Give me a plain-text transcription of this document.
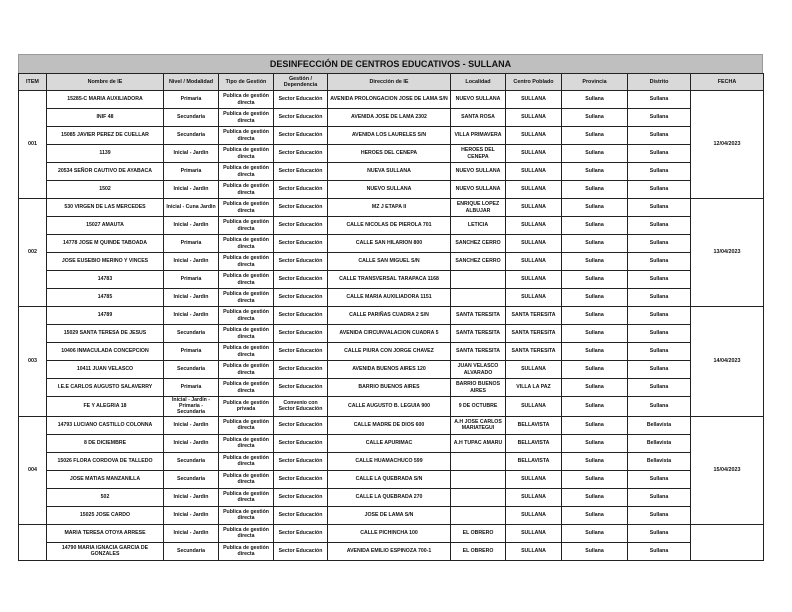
DESINFECCIÓN DE CENTROS EDUCATIVOS - SULLANA
ITEM	Nombre de IE	Nivel / Modalidad	Tipo de Gestión	Gestión / Dependencia	Dirección de IE	Localidad	Centro Poblado	Provincia	Distrito	FECHA
001	15285-C MARIA AUXILIADORA	Primaria	Publica de gestión directa	Sector Educación	AVENIDA PROLONGACION JOSE DE LAMA S/N	NUEVO SULLANA	SULLANA	Sullana	Sullana	12/04/2023
	INIF 48	Secundaria	Publica de gestión directa	Sector Educación	AVENIDA JOSE DE LAMA 2302	SANTA ROSA	SULLANA	Sullana	Sullana	
	15085 JAVIER PEREZ DE CUELLAR	Secundaria	Publica de gestión directa	Sector Educación	AVENIDA LOS LAURELES S/N	VILLA PRIMAVERA	SULLANA	Sullana	Sullana	
	1139	Inicial - Jardin	Publica de gestión directa	Sector Educación	HEROES DEL CENEPA	HEROES DEL CENEPA	SULLANA	Sullana	Sullana	
	20534 SEÑOR CAUTIVO DE AYABACA	Primaria	Publica de gestión directa	Sector Educación	NUEVA SULLANA	NUEVO SULLANA	SULLANA	Sullana	Sullana	
	1502	Inicial - Jardin	Publica de gestión directa	Sector Educación	NUEVO SULLANA	NUEVO SULLANA	SULLANA	Sullana	Sullana	
002	530 VIRGEN DE LAS MERCEDES	Inicial - Cuna Jardin	Publica de gestión directa	Sector Educación	MZ J ETAPA II	ENRIQUE LOPEZ ALBUJAR	SULLANA	Sullana	Sullana	13/04/2023
	15027 AMAUTA	Inicial - Jardin	Publica de gestión directa	Sector Educación	CALLE NICOLAS DE PIEROLA 701	LETICIA	SULLANA	Sullana	Sullana	
	14778 JOSE M QUINDE TABOADA	Primaria	Publica de gestión directa	Sector Educación	CALLE SAN HILARION 800	SANCHEZ CERRO	SULLANA	Sullana	Sullana	
	JOSE EUSEBIO MERINO Y VINCES	Inicial - Jardin	Publica de gestión directa	Sector Educación	CALLE SAN MIGUEL S/N	SANCHEZ CERRO	SULLANA	Sullana	Sullana	
	14783	Primaria	Publica de gestión directa	Sector Educación	CALLE TRANSVERSAL TARAPACA 1168		SULLANA	Sullana	Sullana	
	14785	Inicial - Jardin	Publica de gestión directa	Sector Educación	CALLE MARIA AUXILIADORA 1151		SULLANA	Sullana	Sullana	
003	14789	Inicial - Jardin	Publica de gestión directa	Sector Educación	CALLE PARIÑAS CUADRA 2 S/N	SANTA TERESITA	SANTA TERESITA	Sullana	Sullana	14/04/2023
	15029 SANTA TERESA DE JESUS	Secundaria	Publica de gestión directa	Sector Educación	AVENIDA CIRCUNVALACION CUADRA 5	SANTA TERESITA	SANTA TERESITA	Sullana	Sullana	
	10406 INMACULADA CONCEPCION	Primaria	Publica de gestión directa	Sector Educación	CALLE PIURA CON JORGE CHAVEZ	SANTA TERESITA	SANTA TERESITA	Sullana	Sullana	
	10411 JUAN VELASCO	Secundaria	Publica de gestión directa	Sector Educación	AVENIDA BUENOS AIRES 120	JUAN VELASCO ALVARADO	SULLANA	Sullana	Sullana	
	I.E.E CARLOS AUGUSTO SALAVERRY	Primaria	Publica de gestión directa	Sector Educación	BARRIO BUENOS AIRES	BARRIO BUENOS AIRES	VILLA LA PAZ	Sullana	Sullana	
	FE Y ALEGRIA 18	Inicial - Jardin - Primaria - Secundaria	Publica de gestión privada	Convenio con Sector Educación	CALLE AUGUSTO B. LEGUIA 900	9 DE OCTUBRE	SULLANA	Sullana	Sullana	
004	14793 LUCIANO CASTILLO COLONNA	Inicial - Jardin	Publica de gestión directa	Sector Educación	CALLE MADRE DE DIOS 600	A.H JOSE CARLOS MARIATEGUI	BELLAVISTA	Sullana	Bellavista	15/04/2023
	8 DE DICIEMBRE	Inicial - Jardin	Publica de gestión directa	Sector Educación	CALLE APURIMAC	A.H TUPAC AMARU	BELLAVISTA	Sullana	Bellavista	
	15026 FLORA CORDOVA DE TALLEDO	Secundaria	Publica de gestión directa	Sector Educación	CALLE HUAMACHUCO 599		BELLAVISTA	Sullana	Bellavista	
	JOSE MATIAS MANZANILLA	Secundaria	Publica de gestión directa	Sector Educación	CALLE LA QUEBRADA S/N		SULLANA	Sullana	Sullana	
	502	Inicial - Jardin	Publica de gestión directa	Sector Educación	CALLE LA QUEBRADA 270		SULLANA	Sullana	Sullana	
	15025 JOSE CARDO	Inicial - Jardin	Publica de gestión directa	Sector Educación	JOSE DE LAMA S/N		SULLANA	Sullana	Sullana	
	MARIA TERESA OTOYA ARRESE	Inicial - Jardin	Publica de gestión directa	Sector Educación	CALLE PICHINCHA 100	EL OBRERO	SULLANA	Sullana	Sullana	
	14790 MARIA IGNACIA GARCIA DE GONZALES	Secundaria	Publica de gestión directa	Sector Educación	AVENIDA EMILIO ESPINOZA 700-1	EL OBRERO	SULLANA	Sullana	Sullana	
